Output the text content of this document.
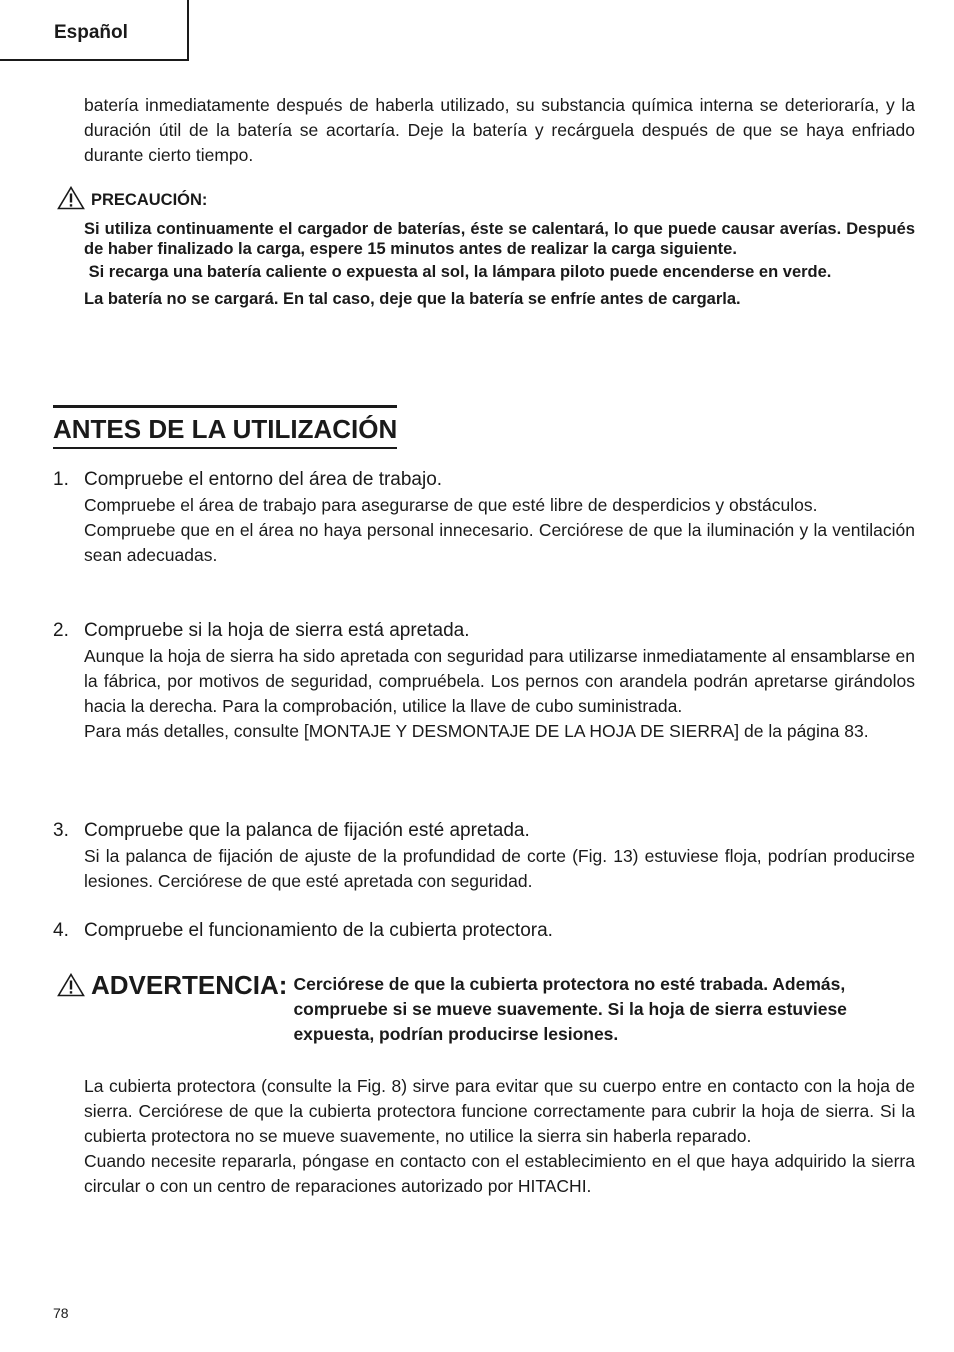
Español

batería inmediatamente después de haberla utilizado, su substancia química interna se deterioraría, y la duración útil de la batería se acortaría. Deje la batería y recárguela después de que se haya enfriado durante cierto tiempo.

PRECAUCIÓN:

Si utiliza continuamente el cargador de baterías, éste se calentará, lo que puede causar averías. Después de haber finalizado la carga, espere 15 minutos antes de realizar la carga siguiente.

Si recarga una batería caliente o expuesta al sol, la lámpara piloto puede encenderse en verde.

La batería no se cargará. En tal caso, deje que la batería se enfríe antes de cargarla.

ANTES DE LA UTILIZACIÓN
1. Compruebe el entorno del área de trabajo.

Compruebe el área de trabajo para asegurarse de que esté libre de desperdicios y obstáculos.

Compruebe que en el área no haya personal innecesario. Cerciórese de que la iluminación y la ventilación sean adecuadas.

2. Compruebe si la hoja de sierra está apretada.

Aunque la hoja de sierra ha sido apretada con seguridad para utilizarse inmediatamente al ensamblarse en la fábrica, por motivos de seguridad, compruébela. Los pernos con arandela podrán apretarse girándolos hacia la derecha. Para la comprobación, utilice la llave de cubo suministrada.

Para más detalles, consulte [MONTAJE Y DESMONTAJE DE LA HOJA DE SIERRA] de la página 83.

3. Compruebe que la palanca de fijación esté apretada.

Si la palanca de fijación de ajuste de la profundidad de corte (Fig. 13) estuviese floja, podrían producirse lesiones. Cerciórese de que esté apretada con seguridad.

4. Compruebe el funcionamiento de la cubierta protectora.
ADVERTENCIA: Cerciórese de que la cubierta protectora no esté trabada. Además,
compruebe si se mueve suavemente. Si la hoja de sierra estuviese
expuesta, podrían producirse lesiones.

La cubierta protectora (consulte la Fig. 8) sirve para evitar que su cuerpo entre en contacto con la hoja de sierra. Cerciórese de que la cubierta protectora funcione correctamente para cubrir la hoja de sierra. Si la cubierta protectora no se mueve suavemente, no utilice la sierra sin haberla reparado.

Cuando necesite repararla, póngase en contacto con el establecimiento en el que haya adquirido la sierra circular o con un centro de reparaciones autorizado por HITACHI.

78
